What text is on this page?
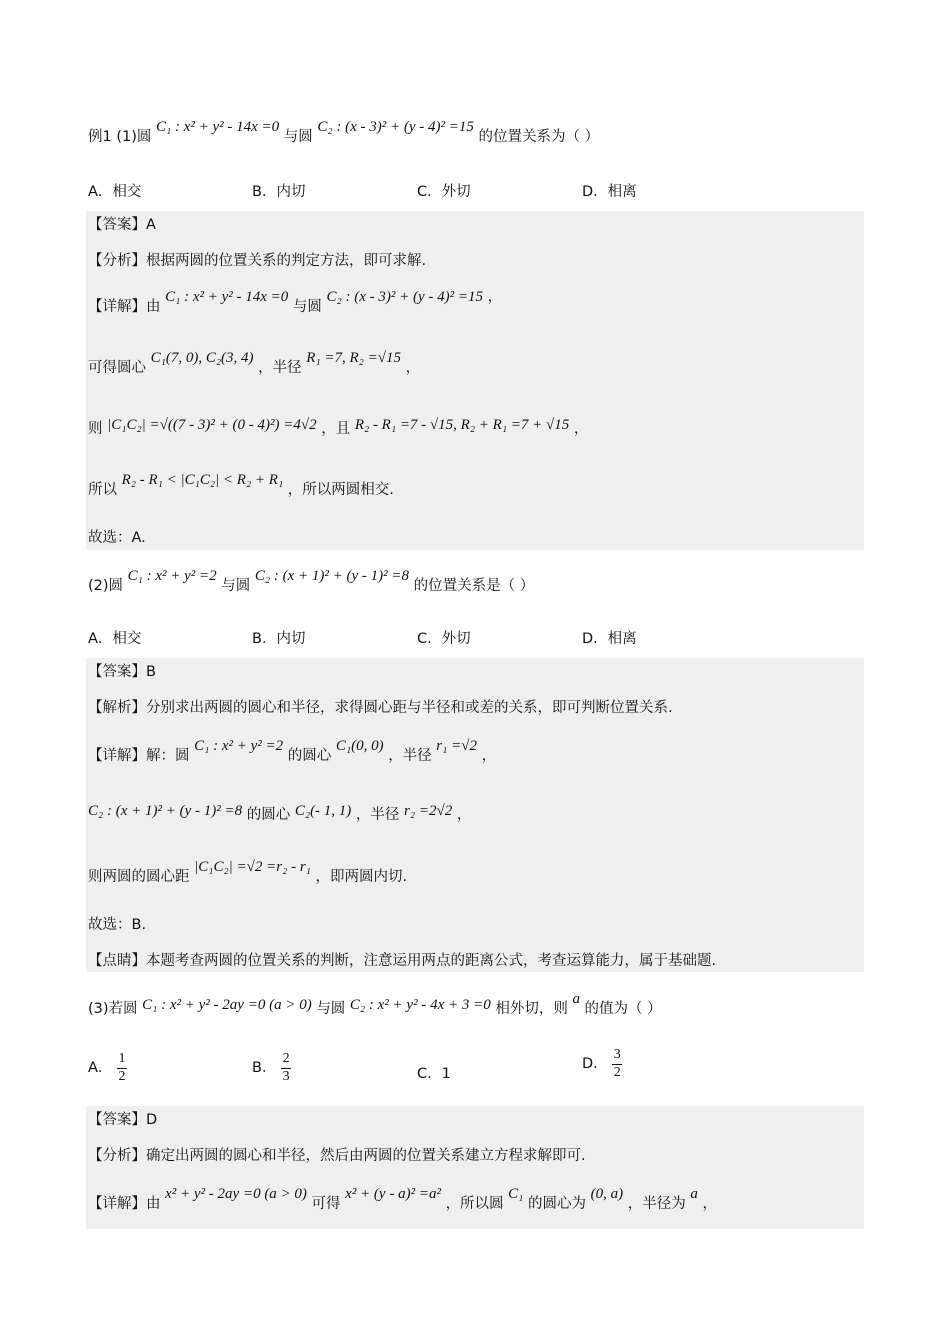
例1 (1)圆 C₁ : x² + y² - 14x =0 与圆 C₂ : (x - 3)² + (y - 4)² =15 的位置关系为（ ）
A．相交	B．内切	C．外切	D．相离
【答案】A
【分析】根据两圆的位置关系的判定方法，即可求解.
【详解】由 C₁ : x² + y² - 14x =0 与圆 C₂ : (x - 3)² + (y - 4)² =15 ，
可得圆心 C₁(7, 0), C₂(3, 4) ，半径 R₁ =7, R₂ =√15 ，
则 |C₁C₂| =√((7 - 3)² + (0 - 4)²) =4√2 ，且 R₂ - R₁ =7 - √15, R₂ + R₁ =7 + √15 ，
所以 R₂ - R₁ < |C₁C₂| < R₂ + R₁ ，所以两圆相交.
故选：A.
(2)圆 C₁ : x² + y² =2 与圆 C₂ : (x + 1)² + (y - 1)² =8 的位置关系是（ ）
A．相交	B．内切	C．外切	D．相离
【答案】B
【解析】分别求出两圆的圆心和半径，求得圆心距与半径和或差的关系，即可判断位置关系.
【详解】解：圆 C₁ : x² + y² =2 的圆心 C₁(0, 0) ，半径 r₁ =√2 ，
C₂ : (x + 1)² + (y - 1)² =8 的圆心 C₂(- 1, 1) ，半径 r₂ =2√2 ，
则两圆的圆心距 |C₁C₂| =√2 =r₂ - r₁ ，即两圆内切.
故选：B.
【点睛】本题考查两圆的位置关系的判断，注意运用两点的距离公式，考查运算能力，属于基础题.
(3)若圆 C₁ : x² + y² - 2ay =0 (a > 0) 与圆 C₂ : x² + y² - 4x + 3 =0 相外切，则 a 的值为（ ）
A． $\frac{1}{2}$	B． $\frac{2}{3}$	C．1
D． $\frac{3}{2}$
【答案】D
【分析】确定出两圆的圆心和半径，然后由两圆的位置关系建立方程求解即可.
【详解】由 x² + y² - 2ay =0 (a > 0) 可得 x² + (y - a)² =a² ，所以圆 C₁ 的圆心为 (0, a) ，半径为 a ，
